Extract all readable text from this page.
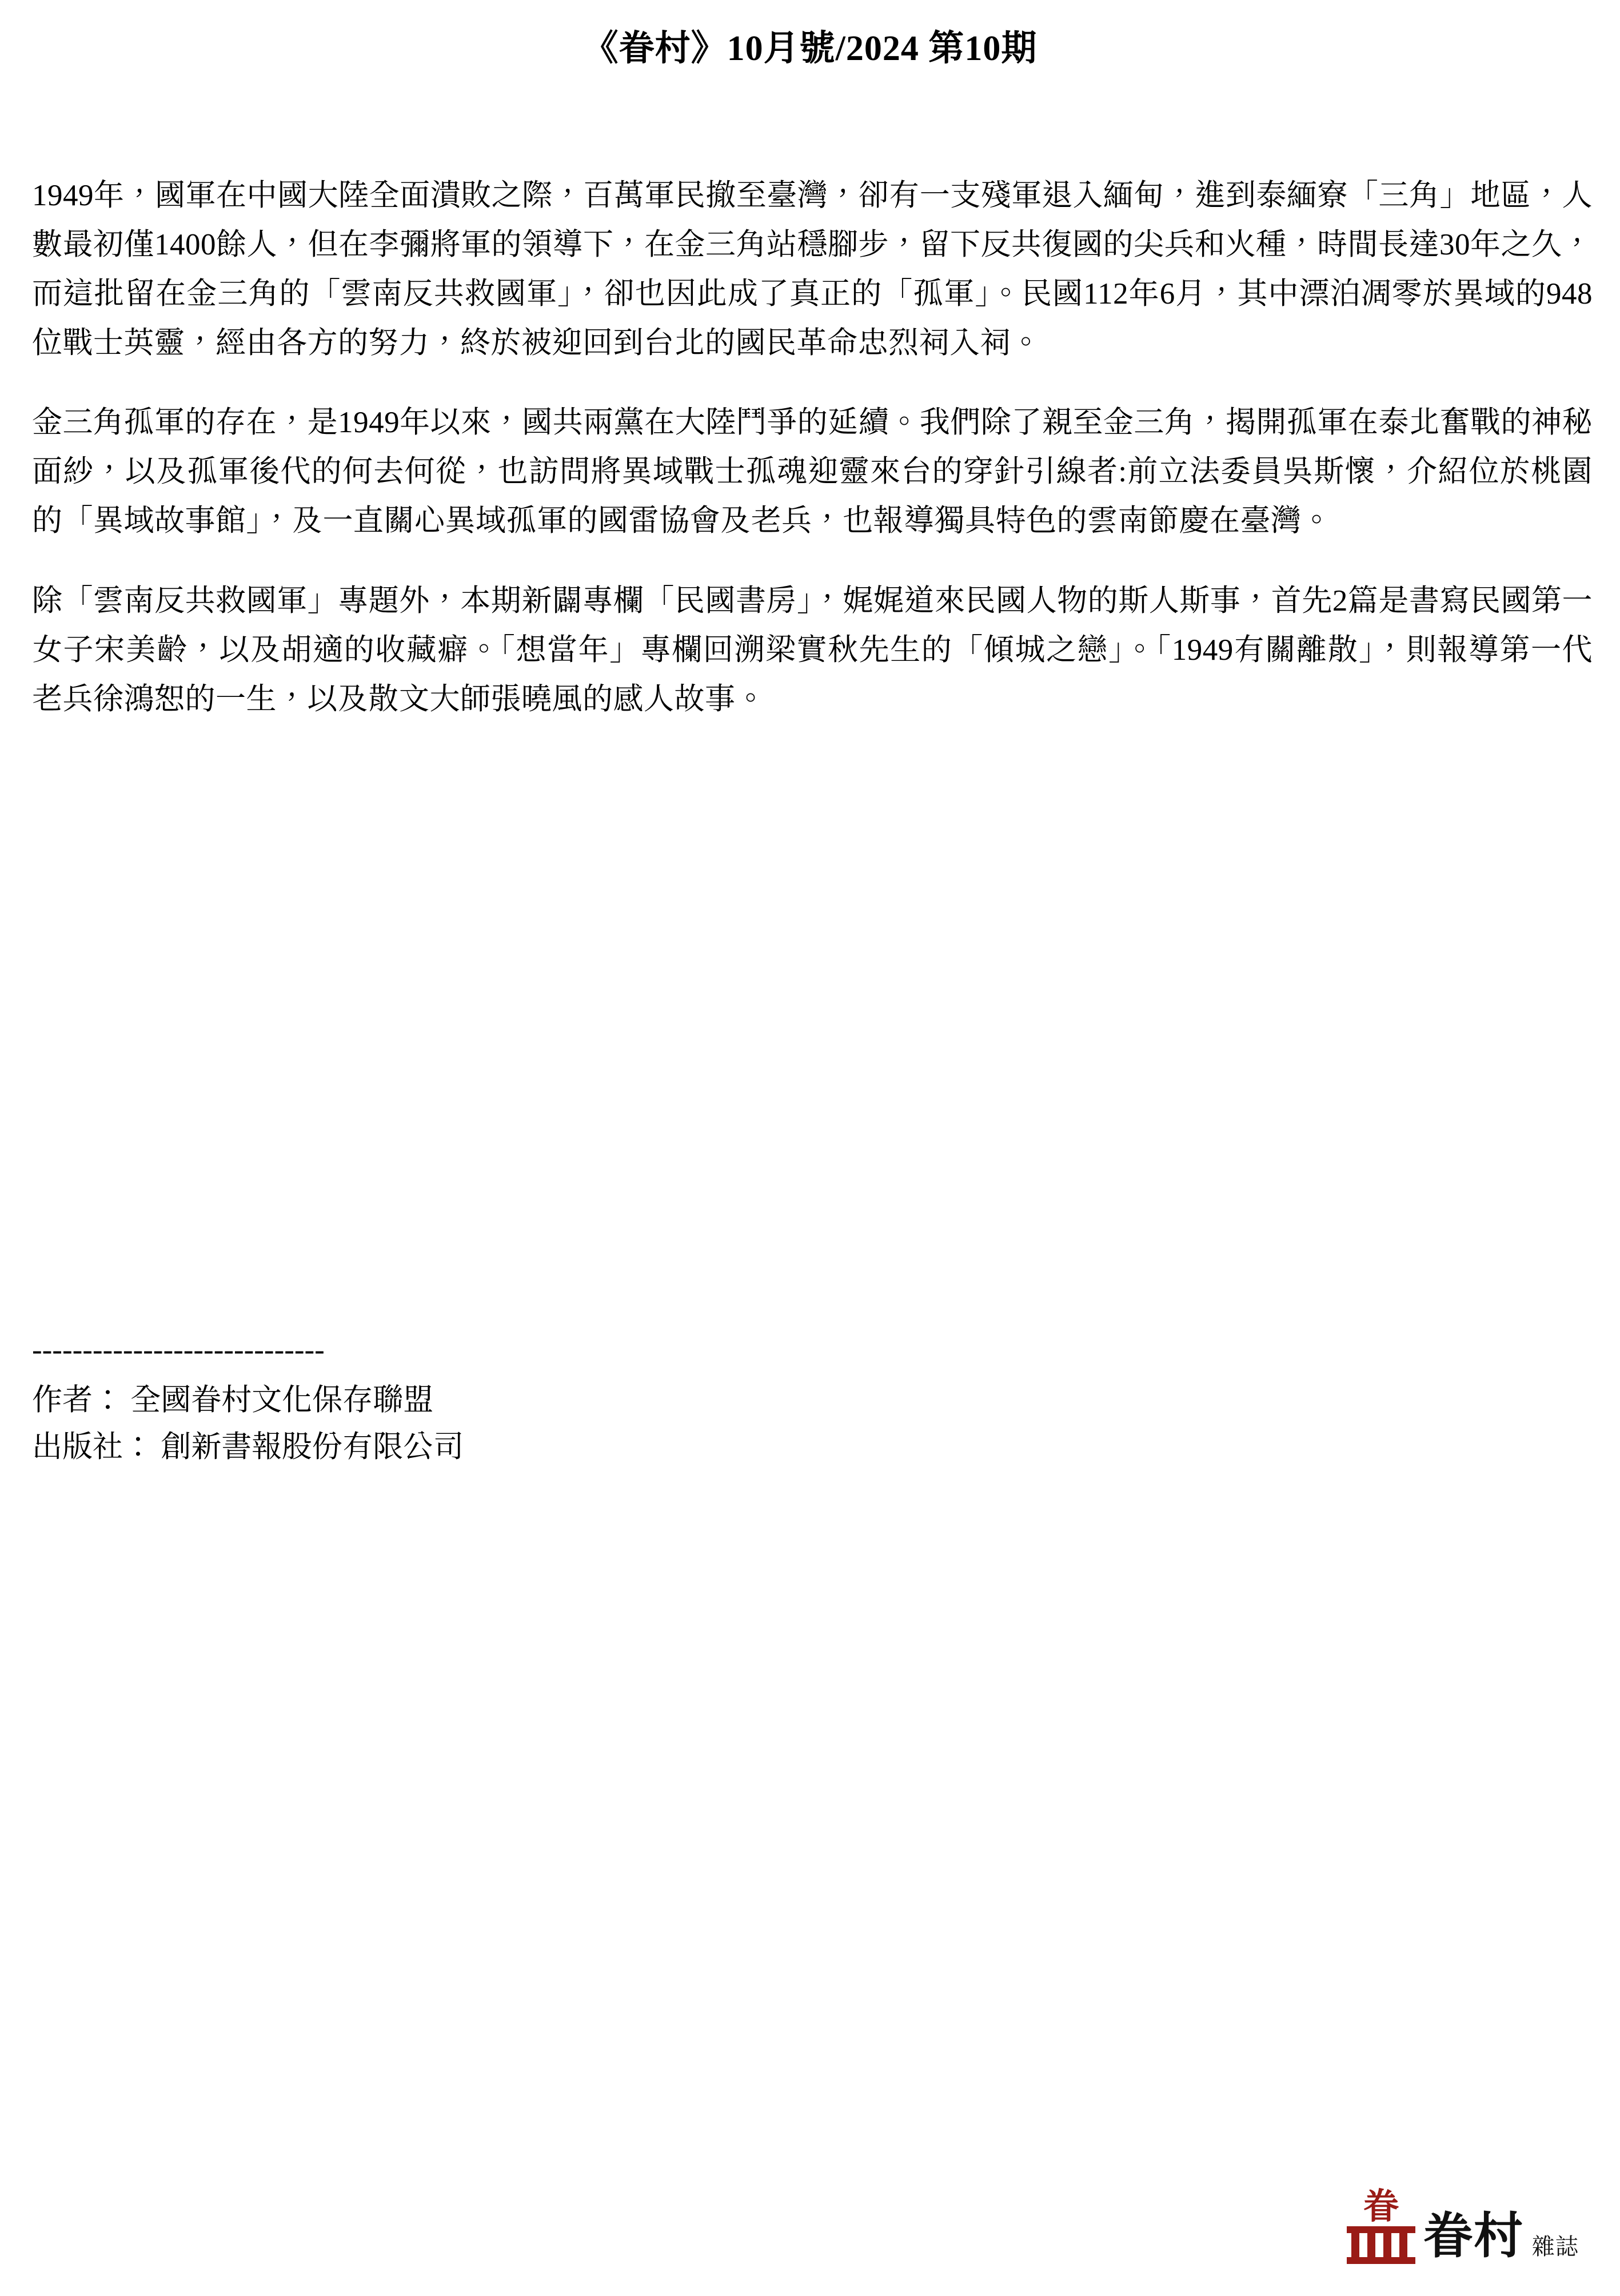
《眷村》10月號/2024 第10期

1949年，國軍在中國大陸全面潰敗之際，百萬軍民撤至臺灣，卻有一支殘軍退入緬甸，進到泰緬寮「三角」地區，人數最初僅1400餘人，但在李彌將軍的領導下，在金三角站穩腳步，留下反共復國的尖兵和火種，時間長達30年之久，而這批留在金三角的「雲南反共救國軍」，卻也因此成了真正的「孤軍」。民國112年6月，其中漂泊凋零於異域的948位戰士英靈，經由各方的努力，終於被迎回到台北的國民革命忠烈祠入祠。

金三角孤軍的存在，是1949年以來，國共兩黨在大陸鬥爭的延續。我們除了親至金三角，揭開孤軍在泰北奮戰的神秘面紗，以及孤軍後代的何去何從，也訪問將異域戰士孤魂迎靈來台的穿針引線者:前立法委員吳斯懷，介紹位於桃園的「異域故事館」，及一直關心異域孤軍的國雷協會及老兵，也報導獨具特色的雲南節慶在臺灣。

除「雲南反共救國軍」專題外，本期新闢專欄「民國書房」，娓娓道來民國人物的斯人斯事，首先2篇是書寫民國第一女子宋美齡，以及胡適的收藏癖。「想當年」專欄回溯梁實秋先生的「傾城之戀」。「1949有關離散」，則報導第一代老兵徐鴻恕的一生，以及散文大師張曉風的感人故事。

-----------------------------
作者： 全國眷村文化保存聯盟
出版社： 創新書報股份有限公司
眷
眷村 雜誌
